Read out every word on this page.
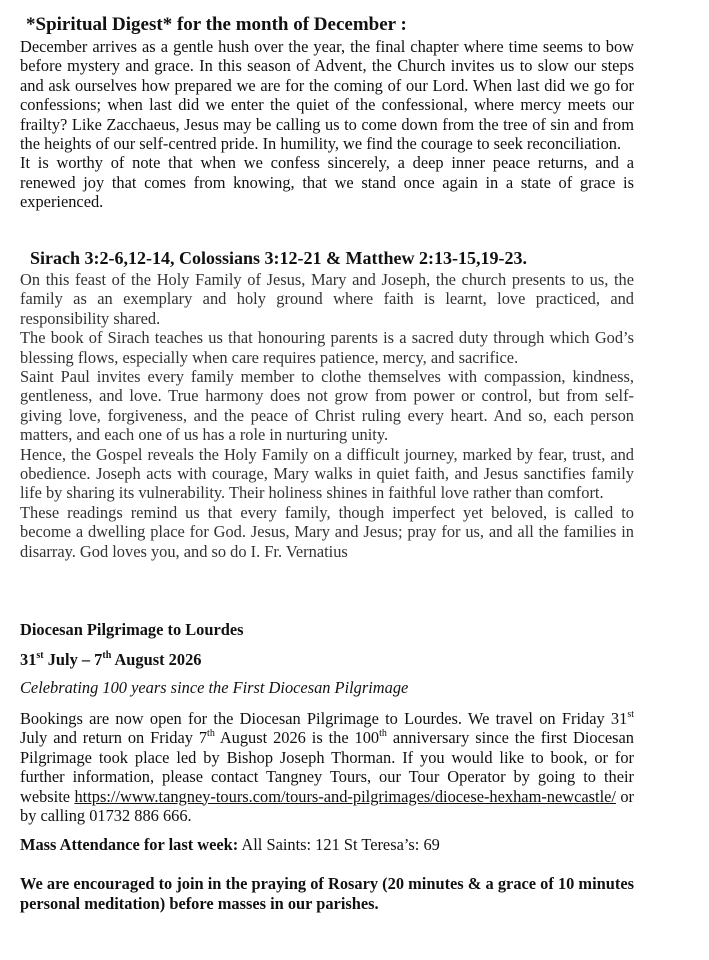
*Spiritual Digest* for the month of December :

December arrives as a gentle hush over the year, the final chapter where time seems to bow before mystery and grace. In this season of Advent, the Church invites us to slow our steps and ask ourselves how prepared we are for the coming of our Lord. When last did we go for confessions; when last did we enter the quiet of the confessional, where mercy meets our frailty? Like Zacchaeus, Jesus may be calling us to come down from the tree of sin and from the heights of our self-centred pride. In humility, we find the courage to seek reconciliation.

It is worthy of note that when we confess sincerely, a deep inner peace returns, and a renewed joy that comes from knowing, that we stand once again in a state of grace is experienced.

Sirach 3:2-6,12-14, Colossians 3:12-21 & Matthew 2:13-15,19-23.

On this feast of the Holy Family of Jesus, Mary and Joseph, the church presents to us, the family as an exemplary and holy ground where faith is learnt, love practiced, and responsibility shared.

The book of Sirach teaches us that honouring parents is a sacred duty through which God’s blessing flows, especially when care requires patience, mercy, and sacrifice.

Saint Paul invites every family member to clothe themselves with compassion, kindness, gentleness, and love. True harmony does not grow from power or control, but from self-giving love, forgiveness, and the peace of Christ ruling every heart. And so, each person matters, and each one of us has a role in nurturing unity.

Hence, the Gospel reveals the Holy Family on a difficult journey, marked by fear, trust, and obedience. Joseph acts with courage, Mary walks in quiet faith, and Jesus sanctifies family life by sharing its vulnerability. Their holiness shines in faithful love rather than comfort.

These readings remind us that every family, though imperfect yet beloved, is called to become a dwelling place for God. Jesus, Mary and Jesus; pray for us, and all the families in disarray. God loves you, and so do I. Fr. Vernatius

Diocesan Pilgrimage to Lourdes
31st July – 7th August 2026
Celebrating 100 years since the First Diocesan Pilgrimage
Bookings are now open for the Diocesan Pilgrimage to Lourdes. We travel on Friday 31st July and return on Friday 7th August 2026 is the 100th anniversary since the first Diocesan Pilgrimage took place led by Bishop Joseph Thorman. If you would like to book, or for further information, please contact Tangney Tours, our Tour Operator by going to their website https://www.tangney-tours.com/tours-and-pilgrimages/diocese-hexham-newcastle/ or by calling 01732 886 666.
Mass Attendance for last week: All Saints: 121 St Teresa’s: 69
We are encouraged to join in the praying of Rosary (20 minutes & a grace of 10 minutes personal meditation) before masses in our parishes.
